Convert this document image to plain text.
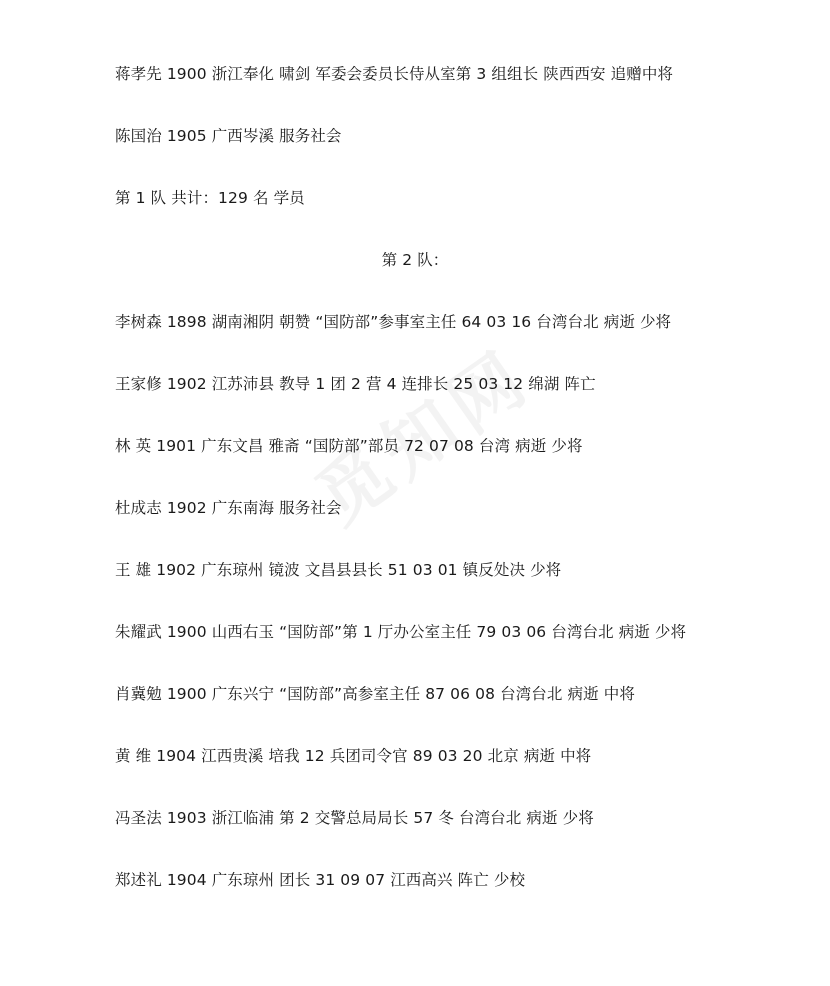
蒋孝先 1900 浙江奉化 啸剑 军委会委员长侍从室第 3 组组长 陕西西安 追赠中将
陈国治 1905 广西岑溪 服务社会
第 1 队 共计：129 名 学员
第 2 队：
李树森 1898 湖南湘阴 朝赞 “国防部”参事室主任 64 03 16 台湾台北 病逝 少将
王家修 1902 江苏沛县 教导 1 团 2 营 4 连排长 25 03 12 绵湖 阵亡
林 英 1901 广东文昌 雅斋 “国防部”部员 72 07 08 台湾 病逝 少将
杜成志 1902 广东南海 服务社会
王 雄 1902 广东琼州 镜波 文昌县县长 51 03 01 镇反处决 少将
朱耀武 1900 山西右玉 “国防部”第 1 厅办公室主任 79 03 06 台湾台北 病逝 少将
肖冀勉 1900 广东兴宁 “国防部”高参室主任 87 06 08 台湾台北 病逝 中将
黄 维 1904 江西贵溪 培我 12 兵团司令官 89 03 20 北京 病逝 中将
冯圣法 1903 浙江临浦 第 2 交警总局局长 57 冬 台湾台北 病逝 少将
郑述礼 1904 广东琼州 团长 31 09 07 江西高兴 阵亡 少校
